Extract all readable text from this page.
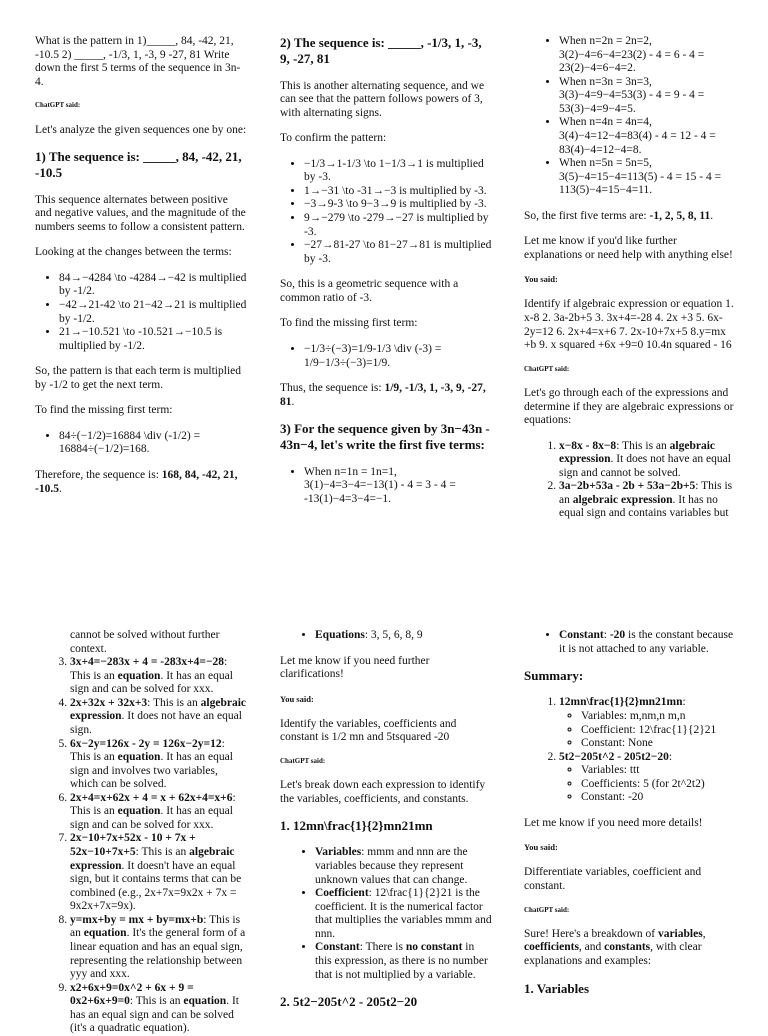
What is the pattern in 1)_____, 84, -42, 21, -10.5 2) _____, -1/3, 1, -3, 9 -27, 81 Write down the first 5 terms of the sequence in 3n-4.

ChatGPT said:

Let's analyze the given sequences one by one:

1) The sequence is: _____, 84, -42, 21, -10.5

This sequence alternates between positive and negative values, and the magnitude of the numbers seems to follow a consistent pattern.

Looking at the changes between the terms:

• 84→−4284 \to -4284→−42 is multiplied by -1/2.
• −42→21-42 \to 21−42→21 is multiplied by -1/2.
• 21→−10.521 \to -10.521→−10.5 is multiplied by -1/2.

So, the pattern is that each term is multiplied by -1/2 to get the next term.

To find the missing first term:

• 84÷(−1/2)=16884 \div (-1/2) = 16884÷(−1/2)=168.

Therefore, the sequence is: 168, 84, -42, 21, -10.5.

2) The sequence is: _____, -1/3, 1, -3, 9, -27, 81

This is another alternating sequence, and we can see that the pattern follows powers of 3, with alternating signs.

To confirm the pattern:

• −1/3→1-1/3 \to 1−1/3→1 is multiplied by -3.
• 1→−31 \to -31→−3 is multiplied by -3.
• −3→9-3 \to 9−3→9 is multiplied by -3.
• 9→−279 \to -279→−27 is multiplied by -3.
• −27→81-27 \to 81−27→81 is multiplied by -3.

So, this is a geometric sequence with a common ratio of -3.

To find the missing first term:

• −1/3÷(−3)=1/9-1/3 \div (-3) = 1/9−1/3÷(−3)=1/9.

Thus, the sequence is: 1/9, -1/3, 1, -3, 9, -27, 81.

3) For the sequence given by 3n−43n - 43n−4, let's write the first five terms:
• When n=1n = 1n=1, 3(1)−4=3−4=−13(1) - 4 = 3 - 4 = -13(1)−4=3−4=−1.
• When n=2n = 2n=2, 3(2)−4=6−4=23(2) - 4 = 6 - 4 = 23(2)−4=6−4=2.
• When n=3n = 3n=3, 3(3)−4=9−4=53(3) - 4 = 9 - 4 = 53(3)−4=9−4=5.
• When n=4n = 4n=4, 3(4)−4=12−4=83(4) - 4 = 12 - 4 = 83(4)−4=12−4=8.
• When n=5n = 5n=5, 3(5)−4=15−4=113(5) - 4 = 15 - 4 = 113(5)−4=15−4=11.

So, the first five terms are: -1, 2, 5, 8, 11.

Let me know if you'd like further explanations or need help with anything else!

You said:

Identify if algebraic expression or equation 1. x-8 2. 3a-2b+5 3. 3x+4=-28 4. 2x +3 5. 6x-2y=12 6. 2x+4=x+6 7. 2x-10+7x+5 8.y=mx +b 9. x squared +6x +9=0 10.4n squared - 16

ChatGPT said:

Let's go through each of the expressions and determine if they are algebraic expressions or equations:

1. x−8x - 8x−8: This is an algebraic expression. It does not have an equal sign and cannot be solved.
2. 3a−2b+53a - 2b + 53a−2b+5: This is an algebraic expression. It has no equal sign and contains variables but

cannot be solved without further context.

3. 3x+4=−283x + 4 = -283x+4=−28: This is an equation. It has an equal sign and can be solved for xxx.
4. 2x+32x + 32x+3: This is an algebraic expression. It does not have an equal sign.
5. 6x−2y=126x - 2y = 126x−2y=12: This is an equation. It has an equal sign and involves two variables, which can be solved.
6. 2x+4=x+62x + 4 = x + 62x+4=x+6: This is an equation. It has an equal sign and can be solved for xxx.
7. 2x−10+7x+52x - 10 + 7x + 52x−10+7x+5: This is an algebraic expression. It doesn't have an equal sign, but it contains terms that can be combined (e.g., 2x+7x=9x2x + 7x = 9x2x+7x=9x).
8. y=mx+by = mx + by=mx+b: This is an equation. It's the general form of a linear equation and has an equal sign, representing the relationship between yyy and xxx.
9. x2+6x+9=0x^2 + 6x + 9 = 0x2+6x+9=0: This is an equation. It has an equal sign and can be solved (it's a quadratic equation).
• Equations: 3, 5, 6, 8, 9

Let me know if you need further clarifications!

You said:

Identify the variables, coefficients and constant is 1/2 mn and 5tsquared -20

ChatGPT said:

Let's break down each expression to identify the variables, coefficients, and constants.

1. 12mn\frac{1}{2}mn21mn
• Variables: mmm and nnn are the variables because they represent unknown values that can change.
• Coefficient: 12\frac{1}{2}21 is the coefficient. It is the numerical factor that multiplies the variables mmm and nnn.
• Constant: There is no constant in this expression, as there is no number that is not multiplied by a variable.
2. 5t2−205t^2 - 205t2−20
• Constant: -20 is the constant because it is not attached to any variable.
Summary:
1. 12mn\frac{1}{2}mn21mn:
◦ Variables: m,nm,n m,n
◦ Coefficient: 12\frac{1}{2}21
◦ Constant: None
2. 5t2−205t^2 - 205t2−20:
◦ Variables: ttt
◦ Coefficients: 5 (for 2t^2t2)
◦ Constant: -20

Let me know if you need more details!

You said:

Differentiate variables, coefficient and constant.

ChatGPT said:

Sure! Here's a breakdown of variables, coefficients, and constants, with clear explanations and examples:

1. Variables
